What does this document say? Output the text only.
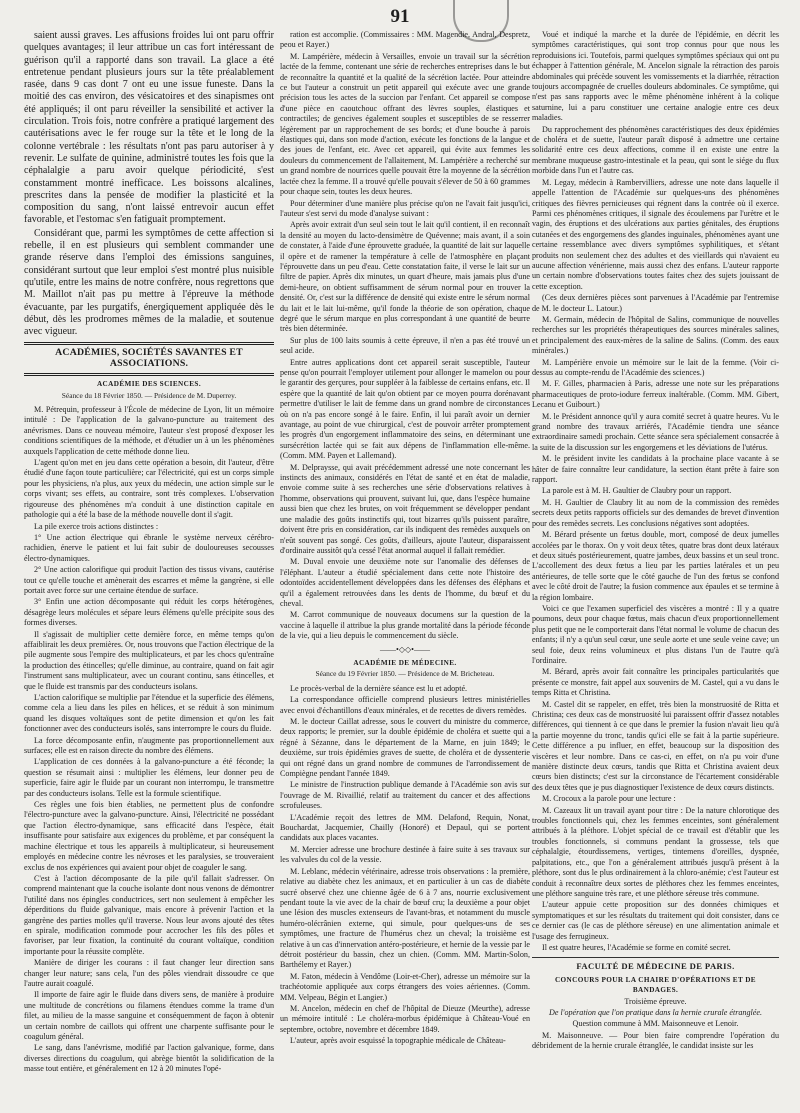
91

saient aussi graves. Les affusions froides lui ont paru offrir quelques avantages; il leur attribue un cas fort intéressant de guérison qu'il a rapporté dans son travail. La glace a été entretenue pendant plusieurs jours sur la tête préalablement rasée, dans 9 cas dont 7 ont eu une issue funeste. Dans la moitié des cas environ, des vésicatoires et des sinapismes ont été appliqués; il ont paru réveiller la sensibilité et activer la circulation. Trois fois, notre confrère a pratiqué largement des cautérisations avec le fer rouge sur la tête et le long de la colonne vertébrale : les résultats n'ont pas paru autoriser à y revenir. Le sulfate de quinine, administré toutes les fois que la céphalalgie a paru avoir quelque périodicité, s'est constamment montré inefficace. Les boissons alcalines, prescrites dans la pensée de modifier la plasticité et la composition du sang, n'ont laissé entrevoir aucun effet favorable, et l'estomac s'en fatiguait promptement.

Considérant que, parmi les symptômes de cette affection si rebelle, il en est plusieurs qui semblent commander une grande réserve dans l'emploi des émissions sanguines, considérant surtout que leur emploi s'est montré plus nuisible qu'utile, entre les mains de notre confrère, nous regrettons que M. Maillot n'ait pas pu mettre à l'épreuve la méthode évacuante, par les purgatifs, énergiquement appliquée dès le début, dès les prodromes mêmes de la maladie, et soutenue avec vigueur.

ACADÉMIES, SOCIÉTÉS SAVANTES ET ASSOCIATIONS.
ACADÉMIE DES SCIENCES.
Séance du 18 Février 1850. — Présidence de M. Duperrey.

M. Pétrequin, professeur à l'École de médecine de Lyon, lit un mémoire intitulé : De l'application de la galvano-puncture au traitement des anévrismes. Dans ce nouveau mémoire, l'auteur s'est proposé d'exposer les conditions scientifiques de la méthode, et d'étudier un à un les phénomènes auxquels l'application de cette méthode donne lieu.

L'agent qu'on met en jeu dans cette opération a besoin, dit l'auteur, d'être étudié d'une façon toute particulière; car l'électricité, qui est un corps simple pour les physiciens, n'a plus, aux yeux du médecin, une action simple sur le corps vivant; ses effets, au contraire, sont très complexes. L'observation rigoureuse des phénomènes m'a conduit à une distinction capitale en pathologie qui a été la base de la méthode nouvelle dont il s'agit.

La pile exerce trois actions distinctes :

1° Une action électrique qui ébranle le système nerveux cérébro-rachidien, énerve le patient et lui fait subir de douloureuses secousses électro-dynamiques.

2° Une action calorifique qui produit l'action des tissus vivans, cautérise tout ce qu'elle touche et amènerait des escarres et même la gangrène, si elle portait avec force sur une certaine étendue de surface.

3° Enfin une action décomposante qui réduit les corps hétérogènes, désagrège leurs molécules et sépare leurs élémens qu'elle précipite sous des formes diverses.

Il s'agissait de multiplier cette dernière force, en même temps qu'on affaiblirait les deux premières. Or, nous trouvons que l'action électrique de la pile augmente sous l'empire des multiplicateurs, et par les chocs qu'entraîne la production des étincelles; qu'elle diminue, au contraire, quand on fait agir l'instrument sans multiplicateur, avec un courant continu, sans étincelles, et que le fluide est transmis par des conducteurs isolans.

L'action calorifique se multiplie par l'étendue et la superficie des élémens, comme cela a lieu dans les piles en hélices, et se réduit à son minimum quand les disques voltaïques sont de petite dimension et qu'on les fait fonctionner avec des conducteurs isolés, sans interrompre le cours du fluide.

La force décomposante enfin, n'augmente pas proportionnellement aux surfaces; elle est en raison directe du nombre des élémens.

L'application de ces données à la galvano-puncture a été féconde; la question se résumait ainsi : multiplier les élémens, leur donner peu de superficie, faire agir le fluide par un courant non interrompu, le transmettre par des conducteurs isolans. Telle est la formule scientifique.

Ces règles une fois bien établies, ne permettent plus de confondre l'électro-puncture avec la galvano-puncture. Ainsi, l'électricité ne possédant que l'action électro-dynamique, sans efficacité dans l'espèce, était insuffisante pour satisfaire aux exigences du problème, et par conséquent la machine électrique et tous les appareils à multiplicateur, si heureusement employés en médecine contre les névroses et les paralysies, se trouveraient exclus de nos expériences qui avaient pour objet de coaguler le sang.

C'est à l'action décomposante de la pile qu'il fallait s'adresser. On comprend maintenant que la couche isolante dont nous venons de démontrer l'utilité dans nos épingles conductrices, sert non seulement à empêcher les déperditions du fluide galvanique, mais encore à prévenir l'action et la gangrène des parties molles qu'il traverse. Nous leur avons ajouté des têtes en spirale, modification commode pour accrocher les fils des pôles et favoriser, par leur fixation, la continuité du courant voltaïque, condition importante pour la réussite complète.

Manière de diriger les courans : il faut changer leur direction sans changer leur nature; sans cela, l'un des pôles viendrait dissoudre ce que l'autre aurait coagulé.

Il importe de faire agir le fluide dans divers sens, de manière à produire une multitude de concrétions ou filamens étendues comme la trame d'un filet, au milieu de la masse sanguine et conséquemment de façon à obtenir un certain nombre de caillots qui offrent une charpente suffisante pour le coagulum général.

Le sang, dans l'anévrisme, modifié par l'action galvanique, forme, dans diverses directions du coagulum, qui abrège bientôt la solidification de la masse tout entière, et généralement en 12 à 20 minutes l'opé-

ration est accomplie. (Commissaires : MM. Magendie, Andral, Despretz, peou et Rayer.)

M. Lampérière, médecin à Versailles, envoie un travail sur la sécrétion lactée de la femme, contenant une série de recherches entreprises dans le but de reconnaître la quantité et la qualité de la sécrétion lactée. Pour atteindre ce but l'auteur a construit un petit appareil qui exécute avec une grande précision tous les actes de la succion par l'enfant. Cet appareil se compose d'une pièce en caoutchouc offrant des lèvres souples, élastiques et contractiles; de gencives également souples et susceptibles de se resserrer légèrement par un rapprochement de ses bords; et d'une bouche à parois élastiques qui, dans son mode d'action, exécute les fonctions de la langue et des joues de l'enfant, etc. Avec cet appareil, qui évite aux femmes les douleurs du commencement de l'allaitement, M. Lampérière a recherché sur un grand nombre de nourrices quelle pouvait être la moyenne de la sécrétion lactée chez la femme. Il a trouvé qu'elle pouvait s'élever de 50 à 60 grammes pour chaque sein, toutes les deux heures.

Pour déterminer d'une manière plus précise qu'on ne l'avait fait jusqu'ici, l'auteur s'est servi du mode d'analyse suivant :

Après avoir extrait d'un seul sein tout le lait qu'il contient, il en reconnaît la densité au moyen du lacto-densimètre de Quévenne; mais avant, il a soin de constater, à l'aide d'une éprouvette graduée, la quantité de lait sur laquelle il opère et de ramener la température à celle de l'atmosphère en plaçant l'éprouvette dans un peu d'eau. Cette constatation faite, il verse le lait sur un filtre de papier. Après dix minutes, un quart d'heure, mais jamais plus d'une demi-heure, on obtient suffisamment de sérum normal pour en trouver la densité. Or, c'est sur la différence de densité qui existe entre le sérum normal du lait et le lait lui-même, qu'il fonde la théorie de son opération, chaque degré que le sérum marque en plus correspondant à une quantité de beurre très bien déterminée.

Sur plus de 100 laits soumis à cette épreuve, il n'en a pas été trouvé un seul acide.

Entre autres applications dont cet appareil serait susceptible, l'auteur pense qu'on pourrait l'employer utilement pour allonger le mamelon ou pour le garantir des gerçures, pour suppléer à la faiblesse de certains enfans, etc. Il espère que la quantité de lait qu'on obtient par ce moyen pourra dorénavant permettre d'utiliser le lait de femme dans un grand nombre de circonstances où on n'a pas encore songé à le faire. Enfin, il lui paraît avoir un dernier avantage, au point de vue chirurgical, c'est de pouvoir arrêter promptement les progrès d'un engorgement inflammatoire des seins, en déterminant une sursécrétion lactée qui se fait aux dépens de l'inflammation elle-même. (Comm. MM. Payen et Lallemand).

M. Delpraysse, qui avait précédemment adressé une note concernant les instincts des animaux, considérés en l'état de santé et en état de maladie, envoie comme suite à ses recherches une série d'observations relatives à l'homme, observations qui prouvent, suivant lui, que, dans l'espèce humaine aussi bien que chez les brutes, on voit fréquemment se développer pendant une maladie des goûts instinctifs qui, tout bizarres qu'ils puissent paraître, doivent être pris en considération, car ils indiquent des remèdes auxquels on n'eût souvent pas songé. Ces goûts, d'ailleurs, ajoute l'auteur, disparaissent d'ordinaire aussitôt qu'a cessé l'état anormal auquel il fallait remédier.

M. Duval envoie une deuxième note sur l'anomalie des défenses de l'éléphant. L'auteur a étudié spécialement dans cette note l'histoire des odontoïdes accidentellement développées dans les défenses des éléphans et qu'il a également retrouvées dans les dents de l'homme, du bœuf et du cheval.

M. Carrot communique de nouveaux documens sur la question de la vaccine à laquelle il attribue la plus grande mortalité dans la période féconde de la vie, qui a lieu depuis le commencement du siècle.

——•◇◇•——
ACADÉMIE DE MÉDECINE.
Séance du 19 Février 1850. — Présidence de M. Bricheteau.

Le procès-verbal de la dernière séance est lu et adopté.

La correspondance officielle comprend plusieurs lettres ministérielles avec envoi d'échantillons d'eaux minérales, et de recettes de divers remèdes.

M. le docteur Caillat adresse, sous le couvert du ministre du commerce, deux rapports; le premier, sur la double épidémie de choléra et suette qui a régné à Sézanne, dans le département de la Marne, en juin 1849; le deuxième, sur trois épidémies graves de suette, de choléra et de dyssenterie qui ont régné dans un grand nombre de communes de l'arrondissement de Compiègne pendant l'année 1849.

Le ministre de l'instruction publique demande à l'Académie son avis sur l'ouvrage de M. Rivaillié, relatif au traitement du cancer et des affections scrofuleuses.

L'Académie reçoit des lettres de MM. Delafond, Requin, Nonat, Bouchardat, Jacquemier, Chailly (Honoré) et Depaul, qui se portent candidats aux places vacantes.

M. Mercier adresse une brochure destinée à faire suite à ses travaux sur les valvules du col de la vessie.

M. Leblanc, médecin vétérinaire, adresse trois observations : la première, relative au diabète chez les animaux, et en particulier à un cas de diabète sucré observé chez une chienne âgée de 6 à 7 ans, nourrie exclusivement pendant toute la vie avec de la chair de bœuf cru; la deuxième a pour objet une lésion des muscles extenseurs de l'avant-bras, et notamment du muscle huméro-olécrânien externe, qui simule, pour quelques-uns de ses symptômes, une fracture de l'humérus chez un cheval; la troisième est relative à un cas d'innervation antéro-postérieure, et hernie de la vessie par le détroit postérieur du bassin, chez un chien. (Comm. MM. Martin-Solon, Barthélemy et Rayer.)

M. Faton, médecin à Vendôme (Loir-et-Cher), adresse un mémoire sur la trachéotomie appliquée aux corps étrangers des voies aériennes. (Comm. MM. Velpeau, Bégin et Langier.)

M. Ancelon, médecin en chef de l'hôpital de Dieuze (Meurthe), adresse un mémoire intitulé : Le choléra-morbus épidémique à Château-Voué en septembre, octobre, novembre et décembre 1849.

L'auteur, après avoir esquissé la topographie médicale de Château-

Voué et indiqué la marche et la durée de l'épidémie, en décrit les symptômes caractéristiques, qui sont trop connus pour que nous les reproduisions ici. Toutefois, parmi quelques symptômes spéciaux qui ont pu échapper à l'attention générale, M. Ancelon signale la rétraction des parois abdominales qui précède souvent les vomissements et la diarrhée, rétraction toujours accompagnée de cruelles douleurs abdominales. Ce symptôme, qui n'est pas sans rapports avec le même phénomène inhérent à la colique saturnine, lui a paru constituer une certaine analogie entre ces deux maladies.

Du rapprochement des phénomènes caractéristiques des deux épidémies de choléra et de suette, l'auteur paraît disposé à admettre une certaine solidarité entre ces deux affections, comme il en existe une entre la membrane muqueuse gastro-intestinale et la peau, qui sont le siége du flux morbide dans l'un et l'autre cas.

M. Legay, médecin à Rambervilliers, adresse une note dans laquelle il appelle l'attention de l'Académie sur quelques-uns des phénomènes critiques des fièvres pernicieuses qui régnent dans la contrée où il exerce. Parmi ces phénomènes critiques, il signale des écoulemens par l'urètre et le vagin, des éruptions et des ulcérations aux parties génitales, des éruptions cutanées et des engorgemens des glandes inguinales, phénomènes ayant une certaine ressemblance avec divers symptômes syphilitiques, et s'étant produits non seulement chez des adultes et des vieillards qui n'avaient eu aucune affection vénérienne, mais aussi chez des enfans. L'auteur rapporte un certain nombre d'observations toutes faites chez des sujets jouissant de cette exception.

(Ces deux dernières pièces sont parvenues à l'Académie par l'entremise de M. le docteur L. Latour.)

M. Germain, médecin de l'hôpital de Salins, communique de nouvelles recherches sur les propriétés thérapeutiques des sources minérales salines, et principalement des eaux-mères de la saline de Salins. (Comm. des eaux minérales.)

M. Lampérière envoie un mémoire sur le lait de la femme. (Voir ci-dessus au compte-rendu de l'Académie des sciences.)

M. F. Gilles, pharmacien à Paris, adresse une note sur les préparations pharmaceutiques de proto-iodure ferreux inaltérable. (Comm. MM. Gibert, Lecanu et Guibourt.)

M. le Président annonce qu'il y aura comité secret à quatre heures. Vu le grand nombre des travaux arriérés, l'Académie tiendra une séance extraordinaire samedi prochain. Cette séance sera spécialement consacrée à la suite de la discussion sur les engorgemens et les déviations de l'utérus.

M. le président invite les candidats à la prochaine place vacante à se hâter de faire connaître leur candidature, la section étant prête à faire son rapport.

La parole est à M. H. Gaultier de Claubry pour un rapport.

M. H. Gaultier de Claubry lit au nom de la commission des remèdes secrets deux petits rapports officiels sur des demandes de brevet d'invention pour des remèdes secrets. Les conclusions négatives sont adoptées.

M. Bérard présente un fœtus double, mort, composé de deux jumelles accolées par le thorax. On y voit deux têtes, quatre bras dont deux latéraux et deux situés postérieurement, quatre jambes, deux bassins et un seul tronc. L'accollement des deux fœtus a lieu par les parties latérales et un peu antérieures, de telle sorte que le côté gauche de l'un des fœtus se confond avec le côté droit de l'autre; la fusion commence aux épaules et se termine à la région lombaire.

Voici ce que l'examen superficiel des viscères a montré : Il y a quatre poumons, deux pour chaque fœtus, mais chacun d'eux proportionnellement plus petit que ne le comporterait dans l'état normal le volume de chacun des enfants; il n'y a qu'un seul cœur, une seule aorte et une seule veine cave; un seul foie, deux reins volumineux et plus distans l'un de l'autre qu'à l'ordinaire.

M. Bérard, après avoir fait connaître les principales particularités que présente ce monstre, fait appel aux souvenirs de M. Castel, qui a vu dans le temps Ritta et Christina.

M. Castel dit se rappeler, en effet, très bien la monstruosité de Ritta et Christina; ces deux cas de monstruosité lui paraissent offrir d'assez notables différences, qui tiennent à ce que dans le premier la fusion n'avait lieu qu'à la partie moyenne du tronc, tandis qu'ici elle se fait à la partie supérieure. Cette différence a pu influer, en effet, beaucoup sur la disposition des viscères et leur nombre. Dans ce cas-ci, en effet, on n'a pu voir d'une manière distincte deux cœurs, tandis que Ritta et Christina avaient deux cœurs bien distincts; c'est sur la circonstance de l'écartement considérable des deux têtes que je pus diagnostiquer l'existence de deux cœurs distincts.

M. Crocoux a la parole pour une lecture :

M. Cazeaux lit un travail ayant pour titre : De la nature chlorotique des troubles fonctionnels qui, chez les femmes enceintes, sont généralement attribués à la pléthore. L'objet spécial de ce travail est d'établir que les troubles fonctionnels, si communs pendant la grossesse, tels que céphalalgie, étourdissemens, vertiges, tintemens d'oreilles, dyspnée, palpitations, etc., que l'on a généralement attribués jusqu'à présent à la pléthore, sont dus le plus ordinairement à la chloro-anémie; c'est l'auteur est conduit à reconnaître deux sortes de pléthores chez les femmes enceintes, une pléthore sanguine très rare, et une pléthore séreuse très commune.

L'auteur appuie cette proposition sur des données chimiques et symptomatiques et sur les résultats du traitement qui doit consister, dans ce ce dernier cas (le cas de pléthore séreuse) en une alimentation animale et l'usage des ferrugineux.

Il est quatre heures, l'Académie se forme en comité secret.

FACULTÉ DE MÉDECINE DE PARIS.
CONCOURS POUR LA CHAIRE D'OPÉRATIONS ET DE BANDAGES.
Troisième épreuve.
De l'opération que l'on pratique dans la hernie crurale étranglée.
Question commune à MM. Maisonneuve et Lenoir.

M. Maisonneuve. — Pour bien faire comprendre l'opération du débridement de la hernie crurale étranglée, le candidat insiste sur les
